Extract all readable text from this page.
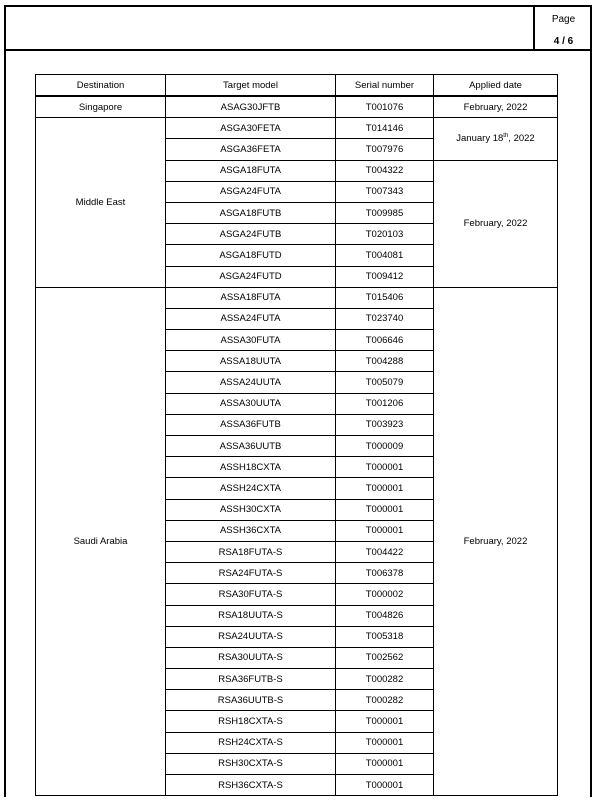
Page
4 / 6
Destination	Target model	Serial number	Applied date
Singapore	ASAG30JFTB	T001076	February, 2022
Middle East	ASGA30FETA	T014146	January 18th, 2022
	ASGA36FETA	T007976	
	ASGA18FUTA	T004322	February, 2022
	ASGA24FUTA	T007343	
	ASGA18FUTB	T009985	
	ASGA24FUTB	T020103	
	ASGA18FUTD	T004081	
	ASGA24FUTD	T009412	
Saudi Arabia	ASSA18FUTA	T015406	February, 2022
	ASSA24FUTA	T023740	
	ASSA30FUTA	T006646	
	ASSA18UUTA	T004288	
	ASSA24UUTA	T005079	
	ASSA30UUTA	T001206	
	ASSA36FUTB	T003923	
	ASSA36UUTB	T000009	
	ASSH18CXTA	T000001	
	ASSH24CXTA	T000001	
	ASSH30CXTA	T000001	
	ASSH36CXTA	T000001	
	RSA18FUTA-S	T004422	
	RSA24FUTA-S	T006378	
	RSA30FUTA-S	T000002	
	RSA18UUTA-S	T004826	
	RSA24UUTA-S	T005318	
	RSA30UUTA-S	T002562	
	RSA36FUTB-S	T000282	
	RSA36UUTB-S	T000282	
	RSH18CXTA-S	T000001	
	RSH24CXTA-S	T000001	
	RSH30CXTA-S	T000001	
	RSH36CXTA-S	T000001	
